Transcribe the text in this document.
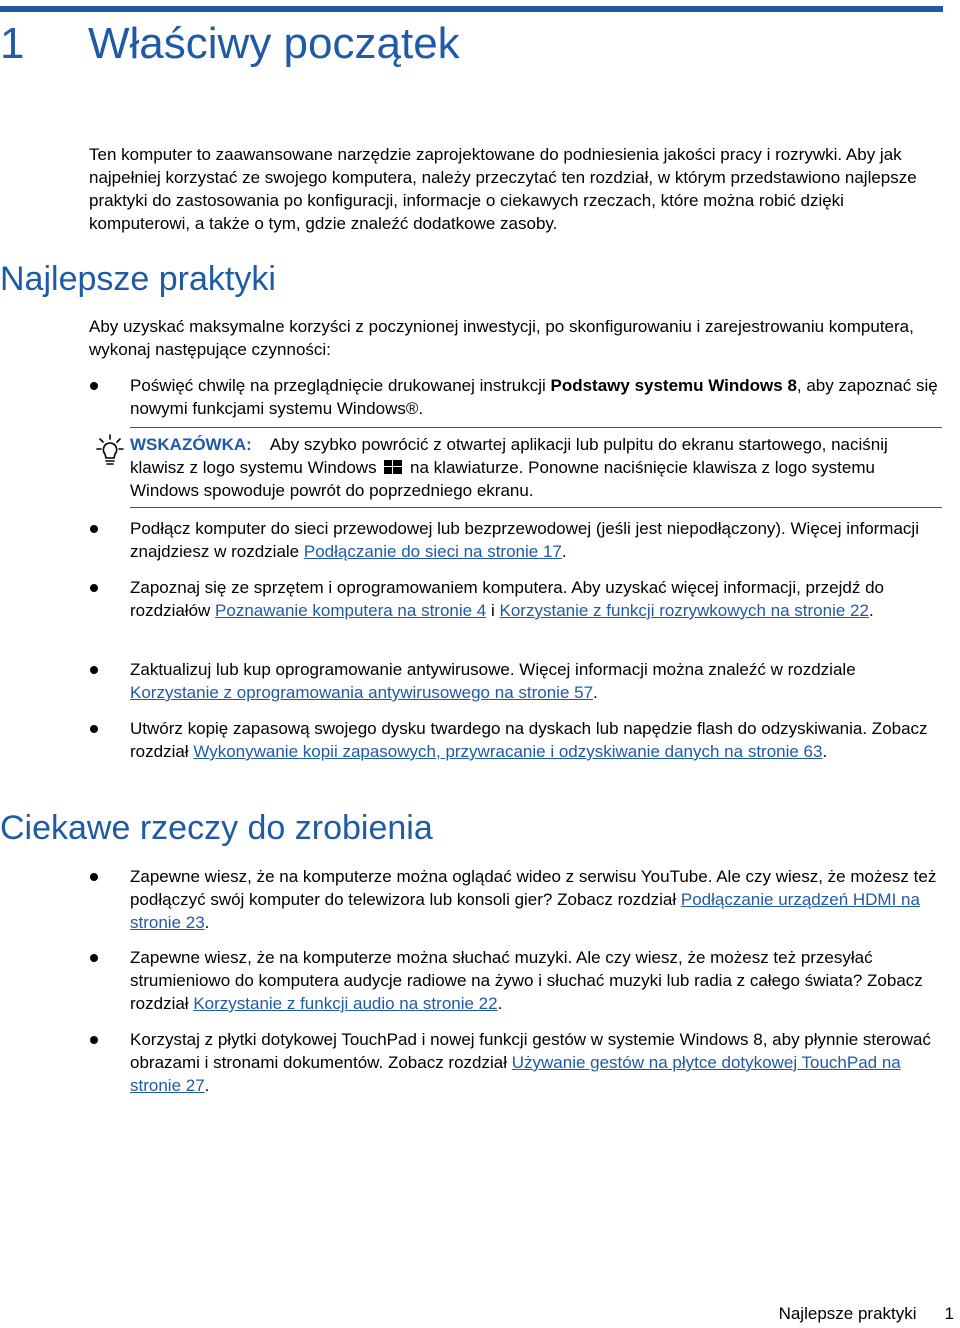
1 Właściwy początek

Ten komputer to zaawansowane narzędzie zaprojektowane do podniesienia jakości pracy i rozrywki. Aby jak najpełniej korzystać ze swojego komputera, należy przeczytać ten rozdział, w którym przedstawiono najlepsze praktyki do zastosowania po konfiguracji, informacje o ciekawych rzeczach, które można robić dzięki komputerowi, a także o tym, gdzie znaleźć dodatkowe zasoby.

Najlepsze praktyki

Aby uzyskać maksymalne korzyści z poczynionej inwestycji, po skonfigurowaniu i zarejestrowaniu komputera, wykonaj następujące czynności:

Poświęć chwilę na przeglądnięcie drukowanej instrukcji Podstawy systemu Windows 8, aby zapoznać się nowymi funkcjami systemu Windows®.
WSKAZÓWKA: Aby szybko powrócić z otwartej aplikacji lub pulpitu do ekranu startowego, naciśnij klawisz z logo systemu Windows  na klawiaturze. Ponowne naciśnięcie klawisza z logo systemu Windows spowoduje powrót do poprzedniego ekranu.
Podłącz komputer do sieci przewodowej lub bezprzewodowej (jeśli jest niepodłączony). Więcej informacji znajdziesz w rozdziale Podłączanie do sieci na stronie 17.
Zapoznaj się ze sprzętem i oprogramowaniem komputera. Aby uzyskać więcej informacji, przejdź do rozdziałów Poznawanie komputera na stronie 4 i Korzystanie z funkcji rozrywkowych na stronie 22.
Zaktualizuj lub kup oprogramowanie antywirusowe. Więcej informacji można znaleźć w rozdziale Korzystanie z oprogramowania antywirusowego na stronie 57.
Utwórz kopię zapasową swojego dysku twardego na dyskach lub napędzie flash do odzyskiwania. Zobacz rozdział Wykonywanie kopii zapasowych, przywracanie i odzyskiwanie danych na stronie 63.
Ciekawe rzeczy do zrobienia
Zapewne wiesz, że na komputerze można oglądać wideo z serwisu YouTube. Ale czy wiesz, że możesz też podłączyć swój komputer do telewizora lub konsoli gier? Zobacz rozdział Podłączanie urządzeń HDMI na stronie 23.
Zapewne wiesz, że na komputerze można słuchać muzyki. Ale czy wiesz, że możesz też przesyłać strumieniowo do komputera audycje radiowe na żywo i słuchać muzyki lub radia z całego świata? Zobacz rozdział Korzystanie z funkcji audio na stronie 22.
Korzystaj z płytki dotykowej TouchPad i nowej funkcji gestów w systemie Windows 8, aby płynnie sterować obrazami i stronami dokumentów. Zobacz rozdział Używanie gestów na płytce dotykowej TouchPad na stronie 27.
Najlepsze praktyki 1
